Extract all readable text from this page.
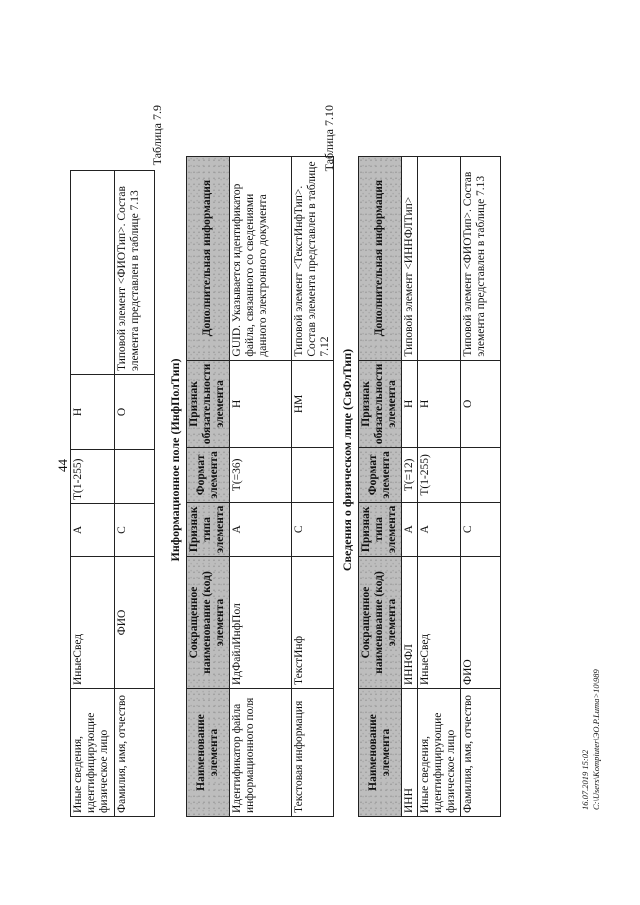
44
Иные сведения, идентифицирующие физическое лицо	ИныеСвед	А	Т(1-255)	Н	
Фамилия, имя, отчество	ФИО	С		О	Типовой элемент <ФИОТип>. Состав элемента представлен в таблице 7.13
Таблица 7.9
Информационное поле (ИнфПолТип)
Наименование элемента	Сокращенное наименование (код) элемента	Признак типа элемента	Формат элемента	Признак обязательности элемента	Дополнительная информация
Идентификатор файла информационного поля	ИдФайлИнфПол	А	Т(=36)	Н	GUID. Указывается идентификатор файла, связанного со сведениями данного электронного документа
Текстовая информация	ТекстИнф	С		НМ	Типовой элемент <ТекстИнфТип>. Состав элемента представлен в таблице 7.12
Таблица 7.10
Сведения о физическом лице (СвФлТип)
Наименование элемента	Сокращенное наименование (код) элемента	Признак типа элемента	Формат элемента	Признак обязательности элемента	Дополнительная информация
ИНН	ИННФЛ	А	Т(=12)	Н	Типовой элемент <ИННФЛТип>
Иные сведения, идентифицирующие физическое лицо	ИныеСвед	А	Т(1-255)	Н	
Фамилия, имя, отчество	ФИО	С		О	Типовой элемент <ФИОТип>. Состав элемента представлен в таблице 7.13
16.07.2019 15:02 C:\Users\Kompiuter\ЭО.Р.Luma>10\989
